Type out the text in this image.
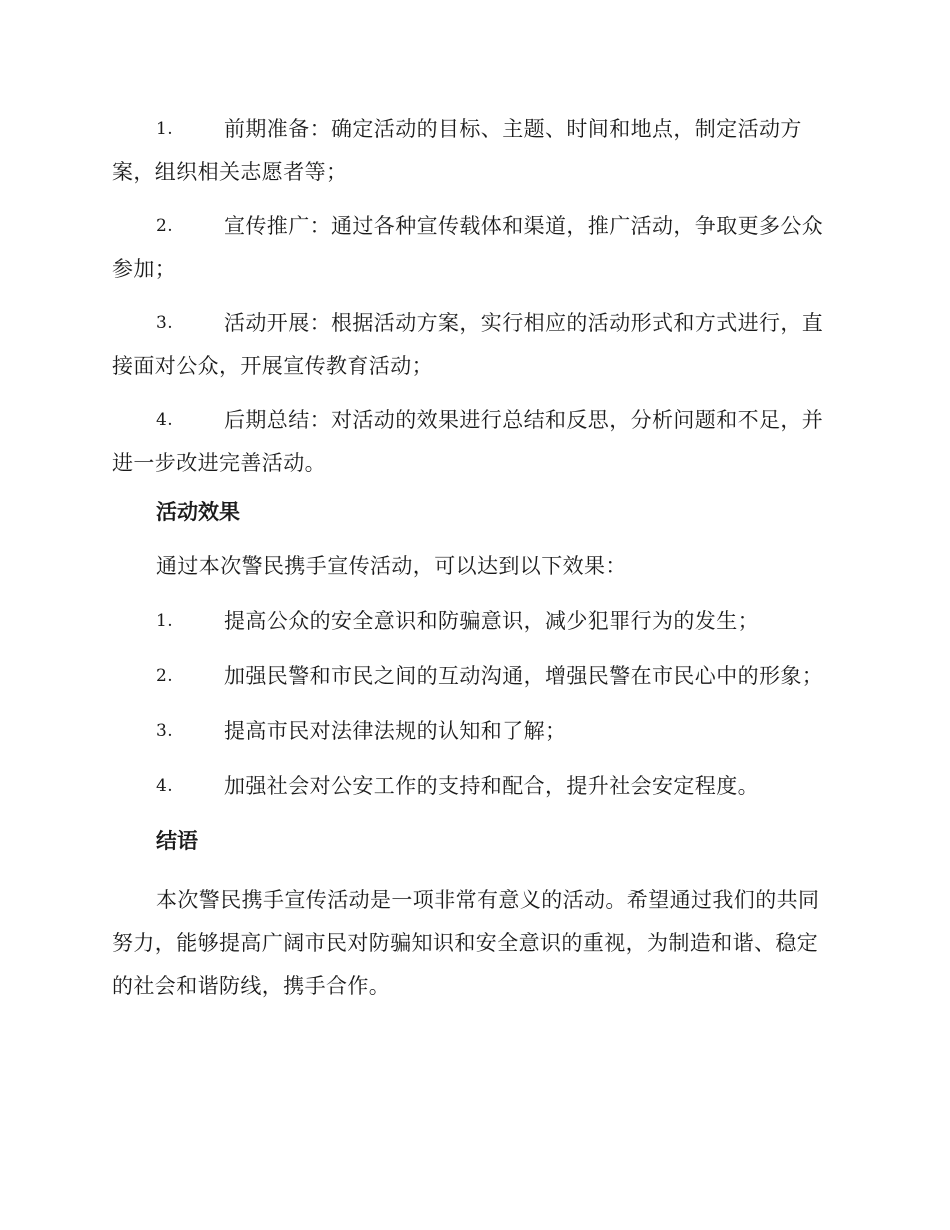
1. 前期准备：确定活动的目标、主题、时间和地点，制定活动方案，组织相关志愿者等；
2. 宣传推广：通过各种宣传载体和渠道，推广活动，争取更多公众参加；
3. 活动开展：根据活动方案，实行相应的活动形式和方式进行，直接面对公众，开展宣传教育活动；
4. 后期总结：对活动的效果进行总结和反思，分析问题和不足，并进一步改进完善活动。
活动效果
通过本次警民携手宣传活动，可以达到以下效果：
1. 提高公众的安全意识和防骗意识，减少犯罪行为的发生；
2. 加强民警和市民之间的互动沟通，增强民警在市民心中的形象；
3. 提高市民对法律法规的认知和了解；
4. 加强社会对公安工作的支持和配合，提升社会安定程度。
结语
本次警民携手宣传活动是一项非常有意义的活动。希望通过我们的共同努力，能够提高广阔市民对防骗知识和安全意识的重视，为制造和谐、稳定的社会和谐防线，携手合作。
